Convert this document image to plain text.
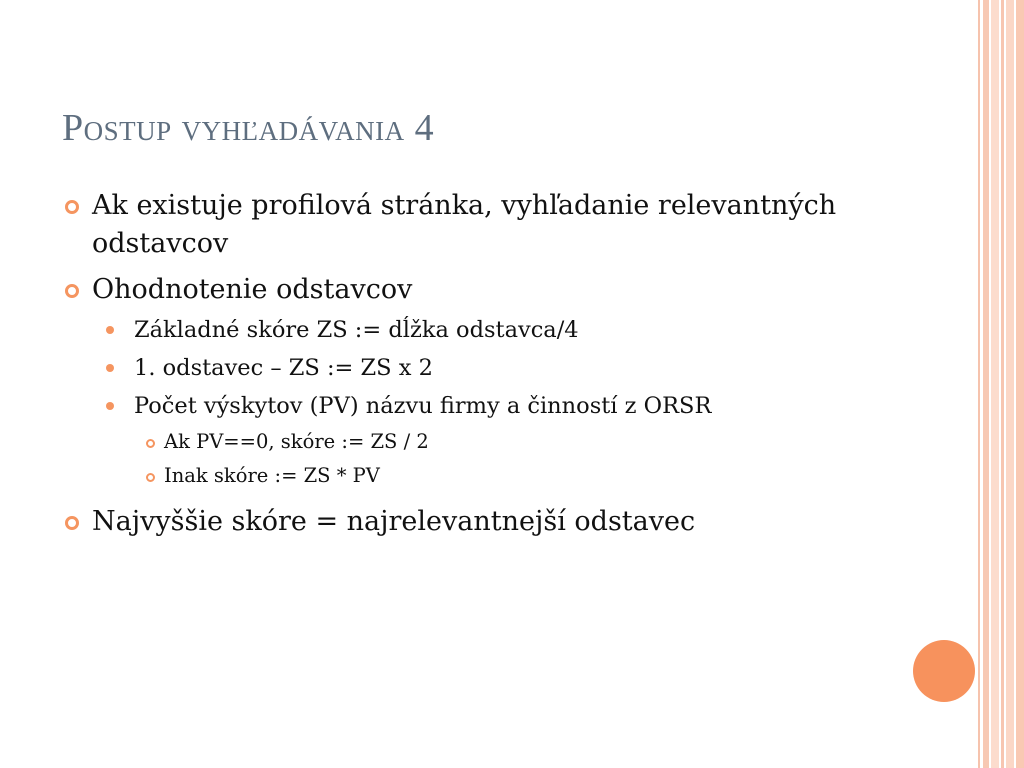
Postup vyhľadávania 4
Ak existuje profilová stránka, vyhľadanie relevantných odstavcov
Ohodnotenie odstavcov
Základné skóre ZS := dĺžka odstavca/4
1. odstavec – ZS := ZS x 2
Počet výskytov (PV) názvu firmy a činností z ORSR
Ak PV==0, skóre := ZS / 2
Inak skóre := ZS * PV
Najvyššie skóre = najrelevantnejší odstavec
